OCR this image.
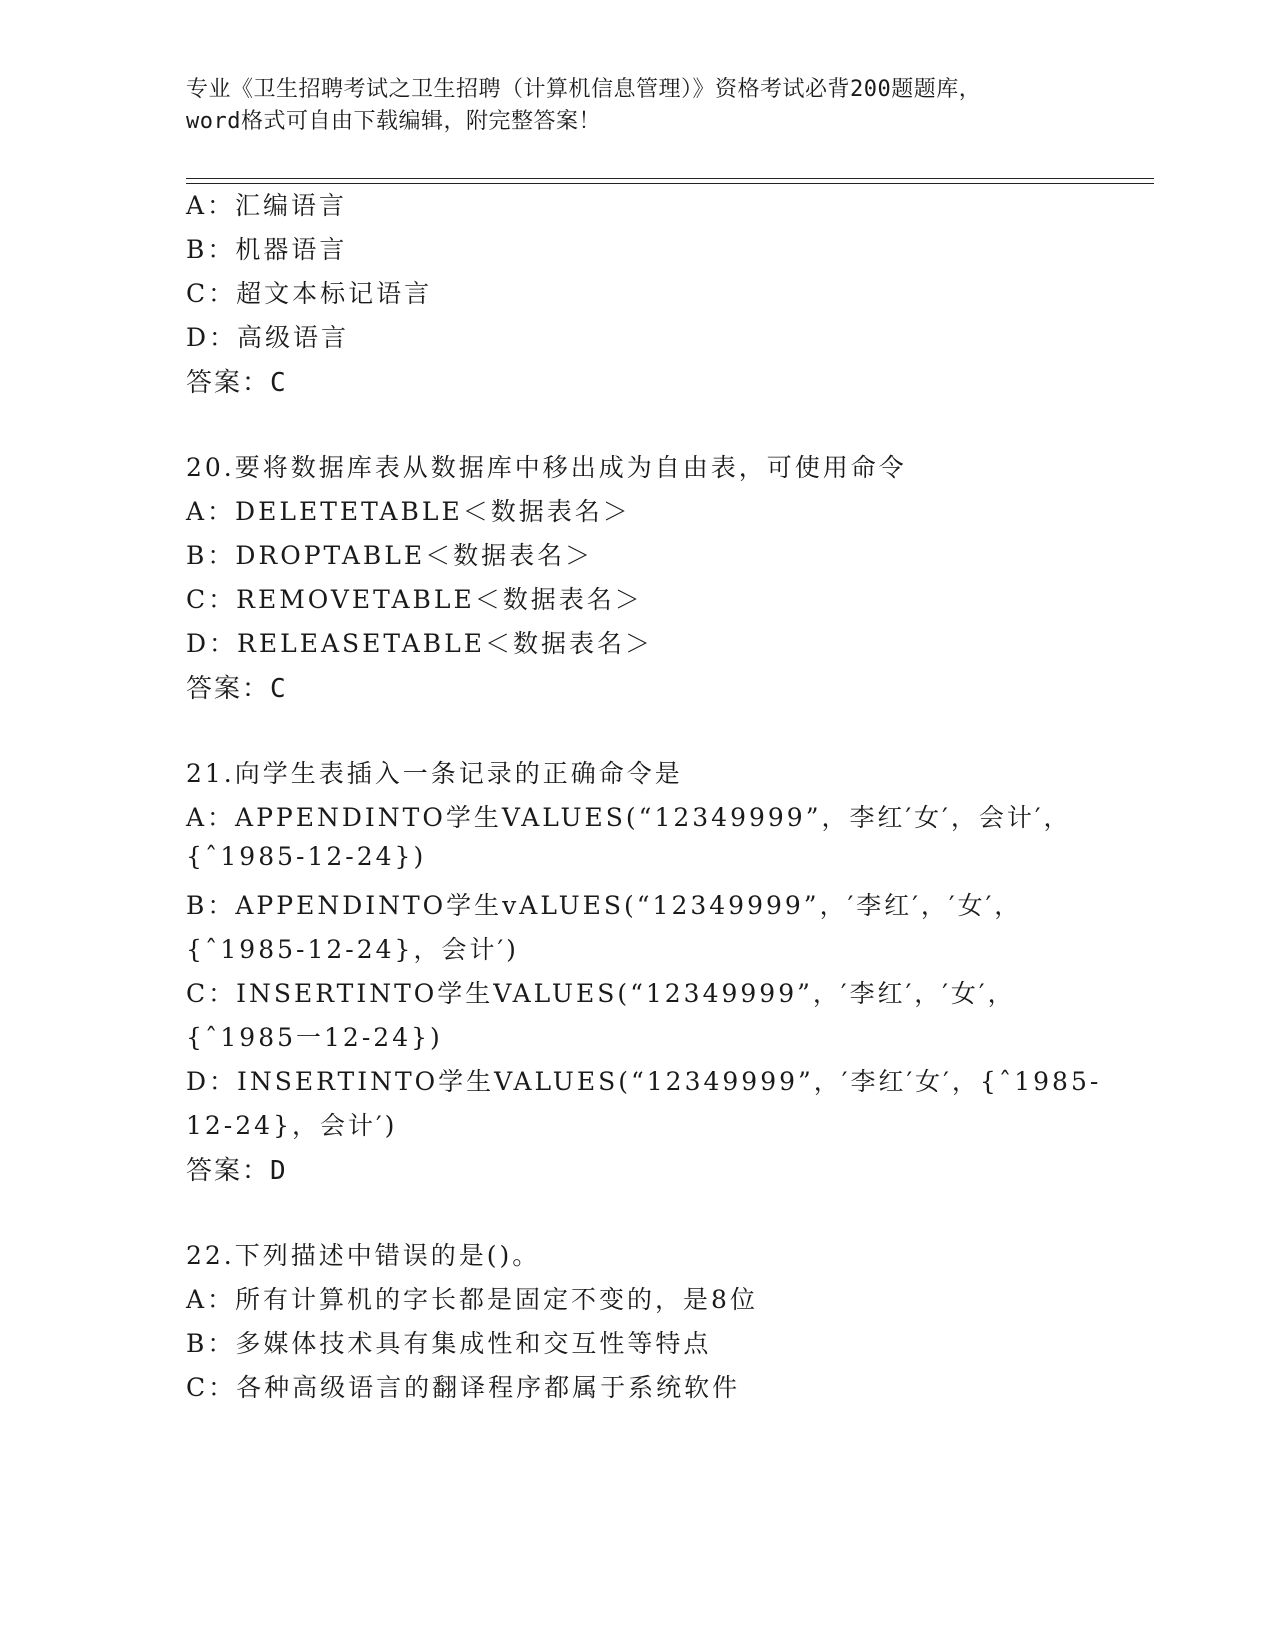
专业《卫生招聘考试之卫生招聘（计算机信息管理）》资格考试必背200题题库，
word格式可自由下载编辑，附完整答案！
A：汇编语言
B：机器语言
C：超文本标记语言
D：高级语言
答案：C
20.要将数据库表从数据库中移出成为自由表，可使用命令
A：DELETETABLE＜数据表名＞
B：DROPTABLE＜数据表名＞
C：REMOVETABLE＜数据表名＞
D：RELEASETABLE＜数据表名＞
答案：C
21.向学生表插入一条记录的正确命令是
A：APPENDINTO学生VALUES(“12349999”，李红′女′，会计′，
{ˆ1985-12-24})
B：APPENDINTO学生vALUES(“12349999”，′李红′，′女′，
{ˆ1985-12-24}，会计′)
C：INSERTINTO学生VALUES(“12349999”，′李红′，′女′，
{ˆ1985一12-24})
D：INSERTINTO学生VALUES(“12349999”，′李红′女′，{ˆ1985-
12-24}，会计′)
答案：D
22.下列描述中错误的是()。
A：所有计算机的字长都是固定不变的，是8位
B：多媒体技术具有集成性和交互性等特点
C：各种高级语言的翻译程序都属于系统软件
